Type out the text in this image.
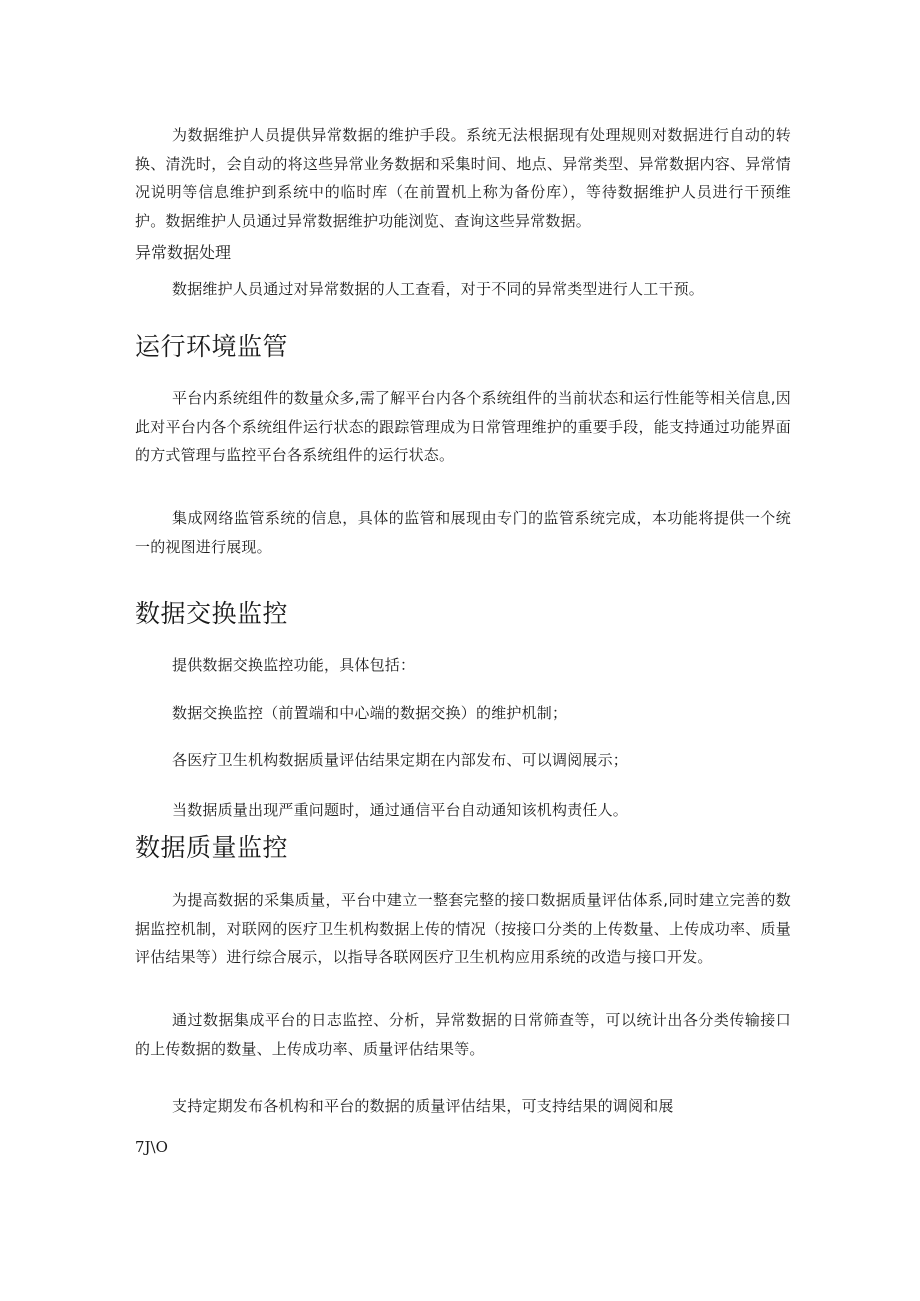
为数据维护人员提供异常数据的维护手段。系统无法根据现有处理规则对数据进行自动的转换、清洗时，会自动的将这些异常业务数据和采集时间、地点、异常类型、异常数据内容、异常情况说明等信息维护到系统中的临时库（在前置机上称为备份库），等待数据维护人员进行干预维护。数据维护人员通过异常数据维护功能浏览、查询这些异常数据。

异常数据处理

数据维护人员通过对异常数据的人工查看，对于不同的异常类型进行人工干预。

运行环境监管

平台内系统组件的数量众多,需了解平台内各个系统组件的当前状态和运行性能等相关信息,因此对平台内各个系统组件运行状态的跟踪管理成为日常管理维护的重要手段，能支持通过功能界面的方式管理与监控平台各系统组件的运行状态。

集成网络监管系统的信息，具体的监管和展现由专门的监管系统完成，本功能将提供一个统一的视图进行展现。

数据交换监控

提供数据交换监控功能，具体包括：

数据交换监控（前置端和中心端的数据交换）的维护机制；

各医疗卫生机构数据质量评估结果定期在内部发布、可以调阅展示；

当数据质量出现严重问题时，通过通信平台自动通知该机构责任人。

数据质量监控

为提高数据的采集质量，平台中建立一整套完整的接口数据质量评估体系,同时建立完善的数据监控机制，对联网的医疗卫生机构数据上传的情况（按接口分类的上传数量、上传成功率、质量评估结果等）进行综合展示，以指导各联网医疗卫生机构应用系统的改造与接口开发。

通过数据集成平台的日志监控、分析，异常数据的日常筛查等，可以统计出各分类传输接口的上传数据的数量、上传成功率、质量评估结果等。

支持定期发布各机构和平台的数据的质量评估结果，可支持结果的调阅和展

7J\O
